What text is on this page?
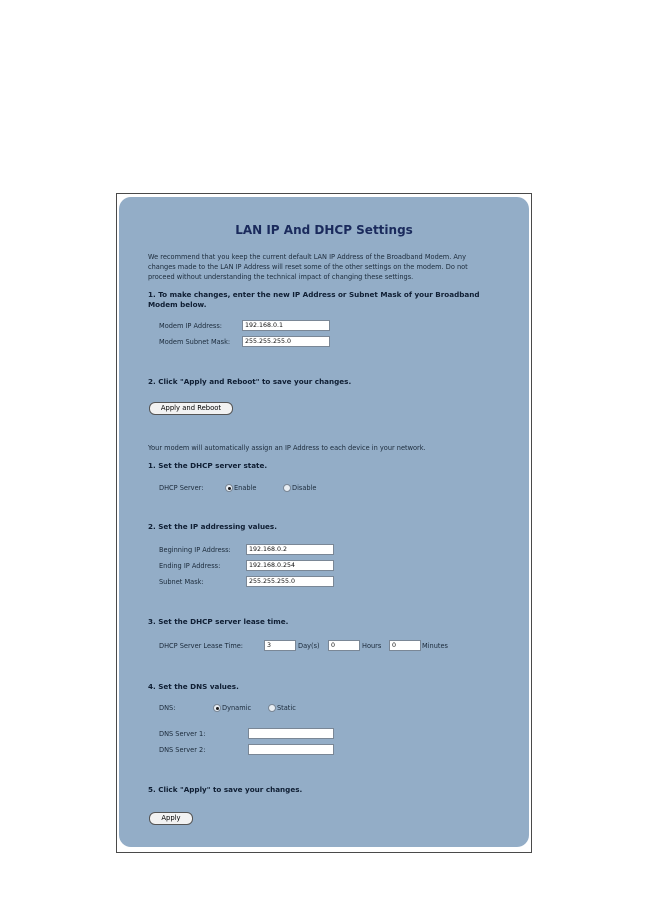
LAN IP And DHCP Settings
We recommend that you keep the current default LAN IP Address of the Broadband Modem. Any changes made to the LAN IP Address will reset some of the other settings on the modem. Do not proceed without understanding the technical impact of changing these settings.
1. To make changes, enter the new IP Address or Subnet Mask of your Broadband Modem below.
Modem IP Address:	192.168.0.1
Modem Subnet Mask:	255.255.255.0
2. Click "Apply and Reboot" to save your changes.
Apply and Reboot
Your modem will automatically assign an IP Address to each device in your network.
1. Set the DHCP server state.
DHCP Server:	Enable	Disable
2. Set the IP addressing values.
Beginning IP Address:	192.168.0.2
Ending IP Address:	192.168.0.254
Subnet Mask:	255.255.255.0
3. Set the DHCP server lease time.
DHCP Server Lease Time:	3	Day(s)	0	Hours	0	Minutes
4. Set the DNS values.
DNS:	Dynamic	Static
DNS Server 1:
DNS Server 2:
5. Click "Apply" to save your changes.
Apply
